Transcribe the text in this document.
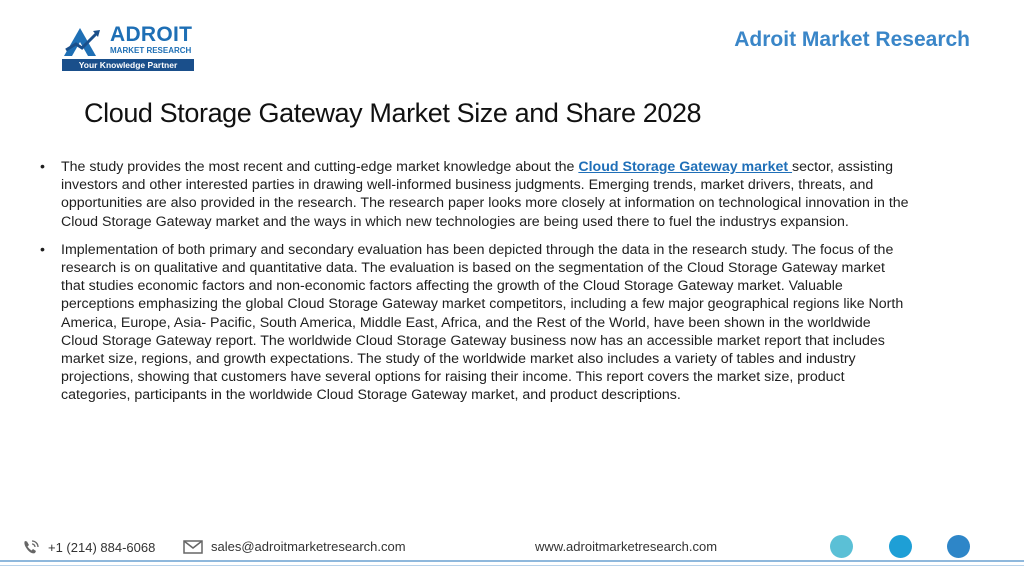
ADROIT
MARKET RESEARCH
Your Knowledge Partner
Adroit Market Research
Cloud Storage Gateway Market Size and Share 2028
• The study provides the most recent and cutting-edge market knowledge about the Cloud Storage Gateway market sector, assisting investors and other interested parties in drawing well-informed business judgments. Emerging trends, market drivers, threats, and opportunities are also provided in the research. The research paper looks more closely at information on technological innovation in the Cloud Storage Gateway market and the ways in which new technologies are being used there to fuel the industrys expansion.
• Implementation of both primary and secondary evaluation has been depicted through the data in the research study. The focus of the research is on qualitative and quantitative data. The evaluation is based on the segmentation of the Cloud Storage Gateway market that studies economic factors and non-economic factors affecting the growth of the Cloud Storage Gateway market. Valuable perceptions emphasizing the global Cloud Storage Gateway market competitors, including a few major geographical regions like North America, Europe, Asia- Pacific, South America, Middle East, Africa, and the Rest of the World, have been shown in the worldwide Cloud Storage Gateway report. The worldwide Cloud Storage Gateway business now has an accessible market report that includes market size, regions, and growth expectations. The study of the worldwide market also includes a variety of tables and industry projections, showing that customers have several options for raising their income. This report covers the market size, product categories, participants in the worldwide Cloud Storage Gateway market, and product descriptions.
+1 (214) 884-6068	sales@adroitmarketresearch.com	www.adroitmarketresearch.com
